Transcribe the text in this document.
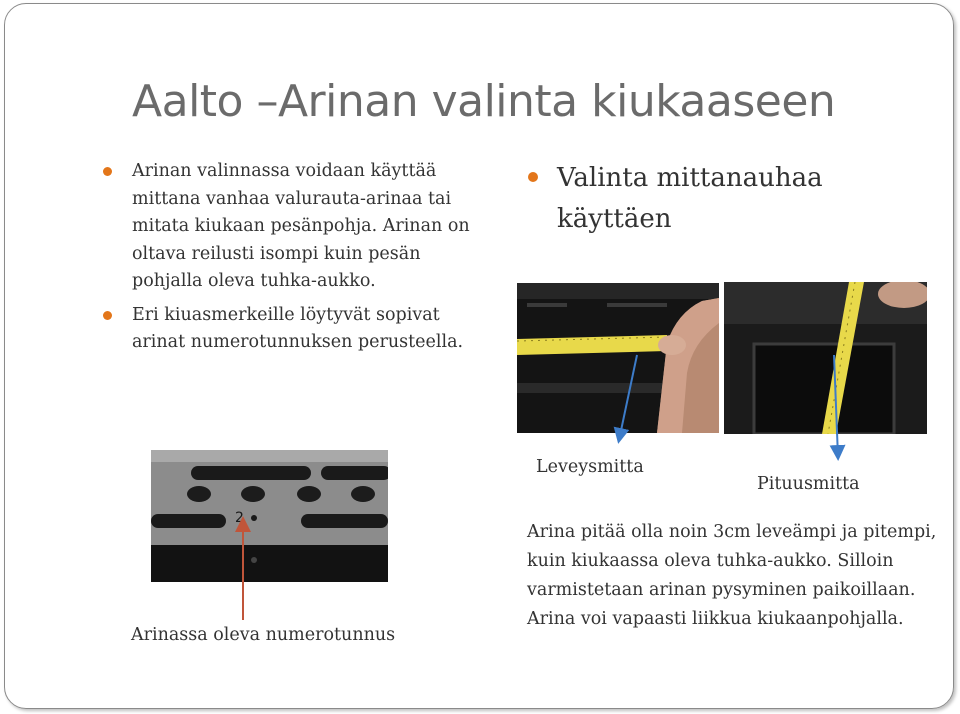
Aalto –Arinan valinta kiukaaseen
Arinan valinnassa voidaan käyttää mittana vanhaa valurauta-arinaa tai mitata kiukaan pesänpohja. Arinan on oltava reilusti isompi kuin pesän pohjalla oleva tuhka-aukko.
Eri kiuasmerkeille löytyvät sopivat arinat numerotunnuksen perusteella.
Valinta mittanauhaa käyttäen
2
Leveysmitta
Pituusmitta
Arinassa oleva numerotunnus
Arina pitää olla noin 3cm leveämpi ja pitempi, kuin kiukaassa oleva tuhka-aukko. Silloin varmistetaan arinan pysyminen paikoillaan. Arina voi vapaasti liikkua kiukaanpohjalla.
